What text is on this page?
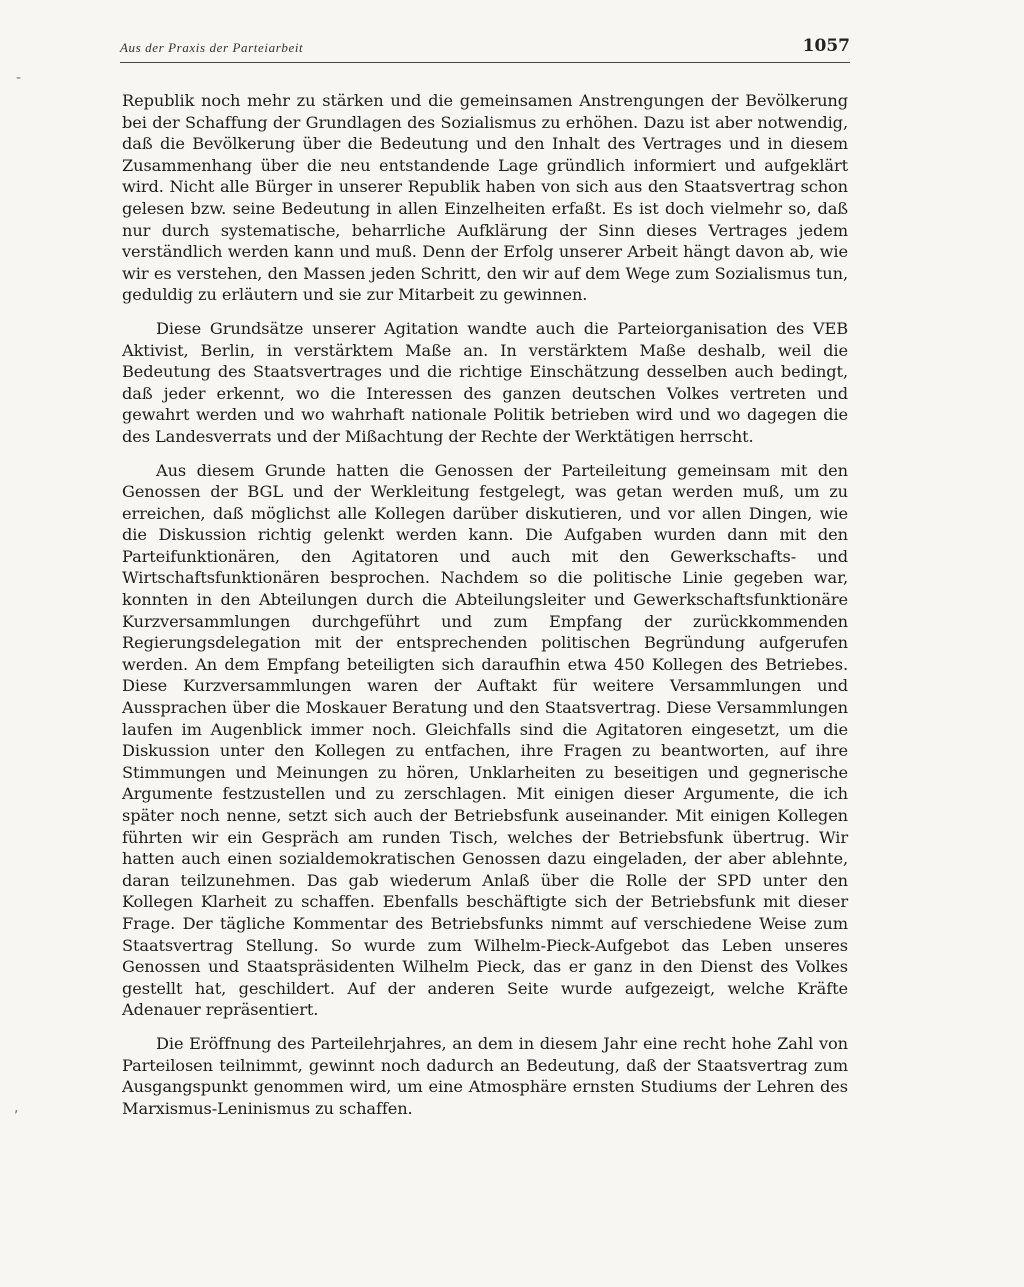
Aus der Praxis der Parteiarbeit	1057

Republik noch mehr zu stärken und die gemeinsamen Anstrengungen der Bevölkerung bei der Schaffung der Grundlagen des Sozialismus zu erhöhen. Dazu ist aber notwendig, daß die Bevölkerung über die Bedeutung und den Inhalt des Vertrages und in diesem Zusammenhang über die neu entstandende Lage gründlich informiert und aufgeklärt wird. Nicht alle Bürger in unserer Republik haben von sich aus den Staatsvertrag schon gelesen bzw. seine Bedeutung in allen Einzelheiten erfaßt. Es ist doch vielmehr so, daß nur durch systematische, beharrliche Aufklärung der Sinn dieses Vertrages jedem verständlich werden kann und muß. Denn der Erfolg unserer Arbeit hängt davon ab, wie wir es verstehen, den Massen jeden Schritt, den wir auf dem Wege zum Sozialismus tun, geduldig zu erläutern und sie zur Mitarbeit zu gewinnen.

Diese Grundsätze unserer Agitation wandte auch die Parteiorganisation des VEB Aktivist, Berlin, in verstärktem Maße an. In verstärktem Maße deshalb, weil die Bedeutung des Staatsvertrages und die richtige Einschätzung desselben auch bedingt, daß jeder erkennt, wo die Interessen des ganzen deutschen Volkes vertreten und gewahrt werden und wo wahrhaft nationale Politik betrieben wird und wo dagegen die des Landesverrats und der Mißachtung der Rechte der Werktätigen herrscht.

Aus diesem Grunde hatten die Genossen der Parteileitung gemeinsam mit den Genossen der BGL und der Werkleitung festgelegt, was getan werden muß, um zu erreichen, daß möglichst alle Kollegen darüber diskutieren, und vor allen Dingen, wie die Diskussion richtig gelenkt werden kann. Die Aufgaben wurden dann mit den Parteifunktionären, den Agitatoren und auch mit den Gewerkschafts- und Wirtschaftsfunktionären besprochen. Nachdem so die politische Linie gegeben war, konnten in den Abteilungen durch die Abteilungsleiter und Gewerkschaftsfunktionäre Kurzversammlungen durchgeführt und zum Empfang der zurückkommenden Regierungsdelegation mit der entsprechenden politischen Begründung aufgerufen werden. An dem Empfang beteiligten sich daraufhin etwa 450 Kollegen des Betriebes. Diese Kurzversammlungen waren der Auftakt für weitere Versammlungen und Aussprachen über die Moskauer Beratung und den Staatsvertrag. Diese Versammlungen laufen im Augenblick immer noch. Gleichfalls sind die Agitatoren eingesetzt, um die Diskussion unter den Kollegen zu entfachen, ihre Fragen zu beantworten, auf ihre Stimmungen und Meinungen zu hören, Unklarheiten zu beseitigen und gegnerische Argumente festzustellen und zu zerschlagen. Mit einigen dieser Argumente, die ich später noch nenne, setzt sich auch der Betriebsfunk auseinander. Mit einigen Kollegen führten wir ein Gespräch am runden Tisch, welches der Betriebsfunk übertrug. Wir hatten auch einen sozialdemokratischen Genossen dazu eingeladen, der aber ablehnte, daran teilzunehmen. Das gab wiederum Anlaß über die Rolle der SPD unter den Kollegen Klarheit zu schaffen. Ebenfalls beschäftigte sich der Betriebsfunk mit dieser Frage. Der tägliche Kommentar des Betriebsfunks nimmt auf verschiedene Weise zum Staatsvertrag Stellung. So wurde zum Wilhelm-Pieck-Aufgebot das Leben unseres Genossen und Staatspräsidenten Wilhelm Pieck, das er ganz in den Dienst des Volkes gestellt hat, geschildert. Auf der anderen Seite wurde aufgezeigt, welche Kräfte Adenauer repräsentiert.

Die Eröffnung des Parteilehrjahres, an dem in diesem Jahr eine recht hohe Zahl von Parteilosen teilnimmt, gewinnt noch dadurch an Bedeutung, daß der Staatsvertrag zum Ausgangspunkt genommen wird, um eine Atmosphäre ernsten Studiums der Lehren des Marxismus-Leninismus zu schaffen.

-
,
